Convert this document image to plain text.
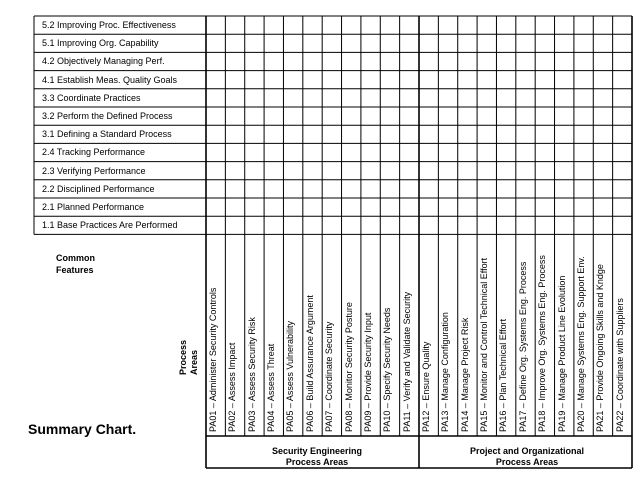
5.2 Improving Proc. Effectiveness
5.1 Improving Org. Capability
4.2 Objectively Managing Perf.
4.1 Establish Meas. Quality Goals
3.3 Coordinate Practices
3.2 Perform the Defined Process
3.1 Defining a Standard Process
2.4 Tracking Performance
2.3 Verifying Performance
2.2 Disciplined Performance
2.1 Planned Performance
1.1 Base Practices Are Performed
Common
Features
Process Areas PA01 – Administer Security Controls PA02 – Assess Impact PA03 – Assess Security Risk PA04 – Assess Threat PA05 – Assess Vulnerability PA06 – Build Assurance Argument PA07 – Coordinate Security PA08 – Monitor Security Posture PA09 – Provide Security Input PA10 – Specify Security Needs PA11 – Verify and Validate Security PA12 – Ensure Quality PA13 – Manage Configuration PA14 – Manage Project Risk PA15 – Monitor and Control Technical Effort PA16 – Plan Technical Effort PA17 – Define Org. Systems Eng. Process PA18 – Improve Org. Systems Eng. Process PA19 – Manage Product Line Evolution PA20 – Manage Systems Eng. Support Env. PA21 – Provide Ongoing Skills and Kndge PA22 – Coordinate with Suppliers
Security Engineering
Process Areas
Project and Organizational
Process Areas
Summary Chart.
